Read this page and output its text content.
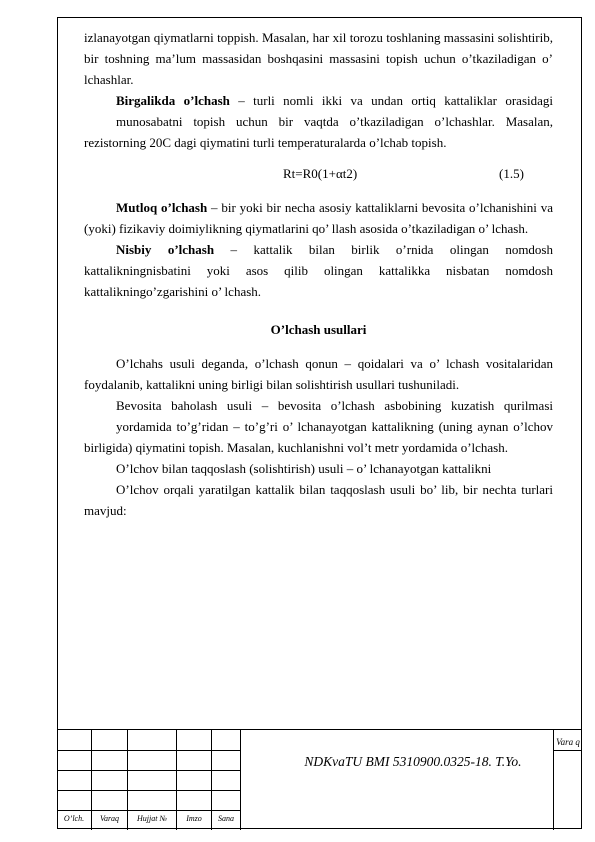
izlanayotgan qiymatlarni toppish. Masalan, har xil torozu toshlaning massasini solishtirib, bir toshning ma’lum massasidan boshqasini massasini topish uchun o’tkaziladigan o’ lchashlar.

Birgalikda o’lchash – turli nomli ikki va undan ortiq kattaliklar orasidagi

munosabatni topish uchun bir vaqtda o’tkaziladigan o’lchashlar. Masalan, rezistorning 20C dagi qiymatini turli temperaturalarda o’lchab topish.

Rt=R0(1+αt2)	(1.5)

Mutloq o’lchash – bir yoki bir necha asosiy kattaliklarni bevosita o’lchanishini va (yoki) fizikaviy doimiylikning qiymatlarini qo’ llash asosida o’tkaziladigan o’ lchash.

Nisbiy o’lchash – kattalik bilan birlik o’rnida olingan nomdosh kattalikningnisbatini yoki asos qilib olingan kattalikka nisbatan nomdosh kattalikningo’zgarishini o’ lchash.

O’lchash usullari

O’lchahs usuli deganda, o’lchash qonun – qoidalari va o’ lchash vositalaridan foydalanib, kattalikni uning birligi bilan solishtirish usullari tushuniladi.

Bevosita baholash usuli – bevosita o’lchash asbobining kuzatish qurilmasi

yordamida to’g’ridan – to’g’ri o’ lchanayotgan kattalikning (uning aynan o’lchov birligida) qiymatini topish. Masalan, kuchlanishni vol’t metr yordamida o’lchash.

O’lchov bilan taqqoslash (solishtirish) usuli – o’ lchanayotgan kattalikni

O’lchov orqali yaratilgan kattalik bilan taqqoslash usuli bo’ lib, bir nechta turlari mavjud:

O’lch.	Varaq	Hujjat №	Imzo	Sana
NDKvaTU BMI 5310900.0325-18. T.Yo.
Vara q
